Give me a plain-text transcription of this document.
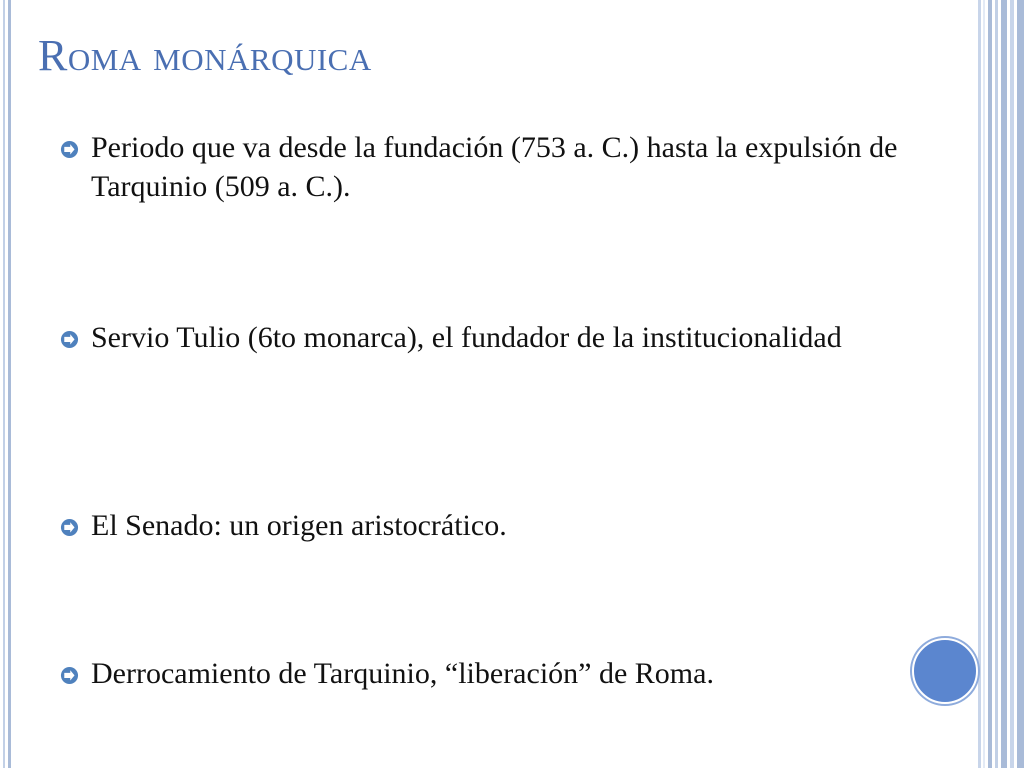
Roma monárquica
Periodo que va desde la fundación (753 a. C.) hasta la expulsión de Tarquinio (509 a. C.).
Servio Tulio (6to monarca), el fundador de la institucionalidad
El Senado: un origen aristocrático.
Derrocamiento de Tarquinio, “liberación” de Roma.
